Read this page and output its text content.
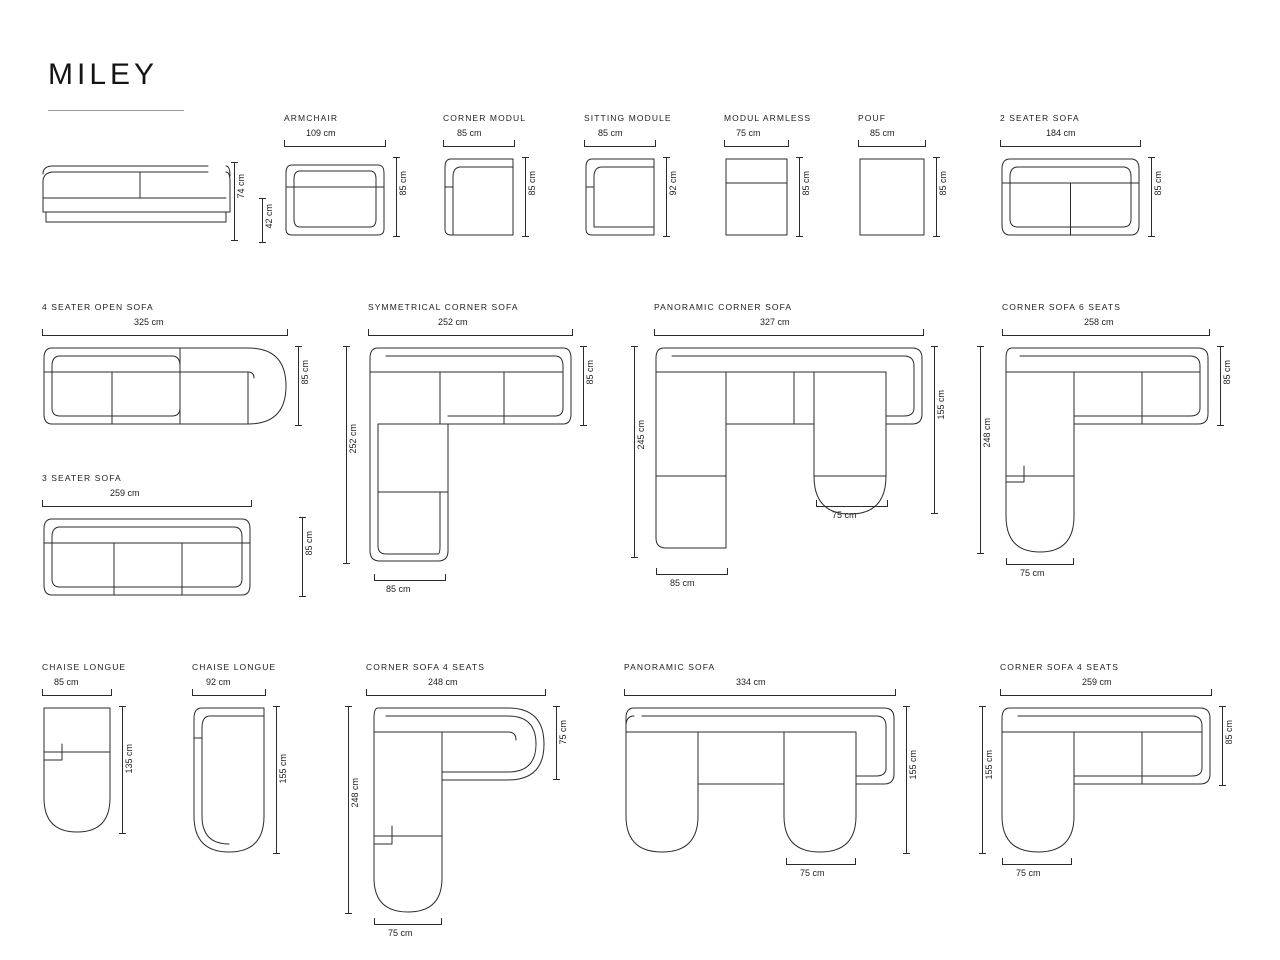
MILEY
74 cm
42 cm
ARMCHAIR
109 cm
85 cm
CORNER MODUL
85 cm
85 cm
SITTING MODULE
85 cm
92 cm
MODUL ARMLESS
75 cm
85 cm
POUF
85 cm
85 cm
2 SEATER SOFA
184 cm
85 cm
4 SEATER OPEN SOFA
325 cm
85 cm
3 SEATER SOFA
259 cm
85 cm
SYMMETRICAL CORNER SOFA
252 cm
252 cm
85 cm
85 cm
PANORAMIC CORNER SOFA
327 cm
245 cm
155 cm
75 cm
85 cm
CORNER SOFA 6 SEATS
258 cm
248 cm
85 cm
75 cm
CHAISE LONGUE
85 cm
135 cm
CHAISE LONGUE
92 cm
155 cm
CORNER SOFA 4 SEATS
248 cm
248 cm
75 cm
75 cm
PANORAMIC SOFA
334 cm
155 cm
75 cm
CORNER SOFA 4 SEATS
259 cm
155 cm
85 cm
75 cm
